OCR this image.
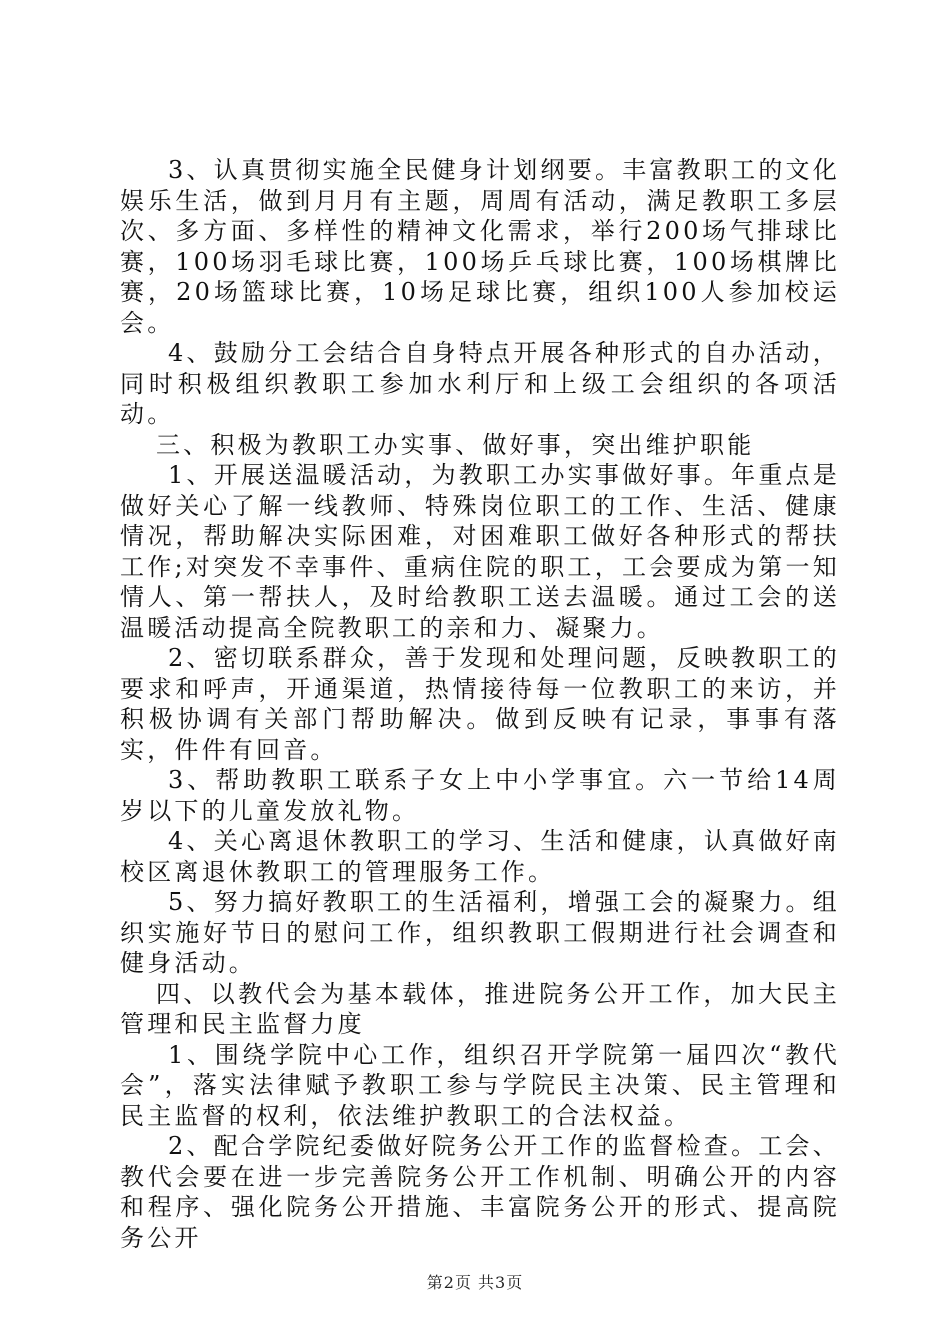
3、认真贯彻实施全民健身计划纲要。丰富教职工的文化娱乐生活，做到月月有主题，周周有活动，满足教职工多层次、多方面、多样性的精神文化需求，举行200场气排球比赛，100场羽毛球比赛，100场乒乓球比赛，100场棋牌比赛，20场篮球比赛，10场足球比赛，组织100人参加校运会。

4、鼓励分工会结合自身特点开展各种形式的自办活动，同时积极组织教职工参加水利厅和上级工会组织的各项活动。

三、积极为教职工办实事、做好事，突出维护职能

1、开展送温暖活动，为教职工办实事做好事。年重点是做好关心了解一线教师、特殊岗位职工的工作、生活、健康情况，帮助解决实际困难，对困难职工做好各种形式的帮扶工作;对突发不幸事件、重病住院的职工，工会要成为第一知情人、第一帮扶人，及时给教职工送去温暖。通过工会的送温暖活动提高全院教职工的亲和力、凝聚力。

2、密切联系群众，善于发现和处理问题，反映教职工的要求和呼声，开通渠道，热情接待每一位教职工的来访，并积极协调有关部门帮助解决。做到反映有记录，事事有落实，件件有回音。

3、帮助教职工联系子女上中小学事宜。六一节给14周岁以下的儿童发放礼物。

4、关心离退休教职工的学习、生活和健康，认真做好南校区离退休教职工的管理服务工作。

5、努力搞好教职工的生活福利，增强工会的凝聚力。组织实施好节日的慰问工作，组织教职工假期进行社会调查和健身活动。

四、以教代会为基本载体，推进院务公开工作，加大民主管理和民主监督力度

1、围绕学院中心工作，组织召开学院第一届四次“教代会”，落实法律赋予教职工参与学院民主决策、民主管理和民主监督的权利，依法维护教职工的合法权益。

2、配合学院纪委做好院务公开工作的监督检查。工会、教代会要在进一步完善院务公开工作机制、明确公开的内容和程序、强化院务公开措施、丰富院务公开的形式、提高院务公开

第2页 共3页
